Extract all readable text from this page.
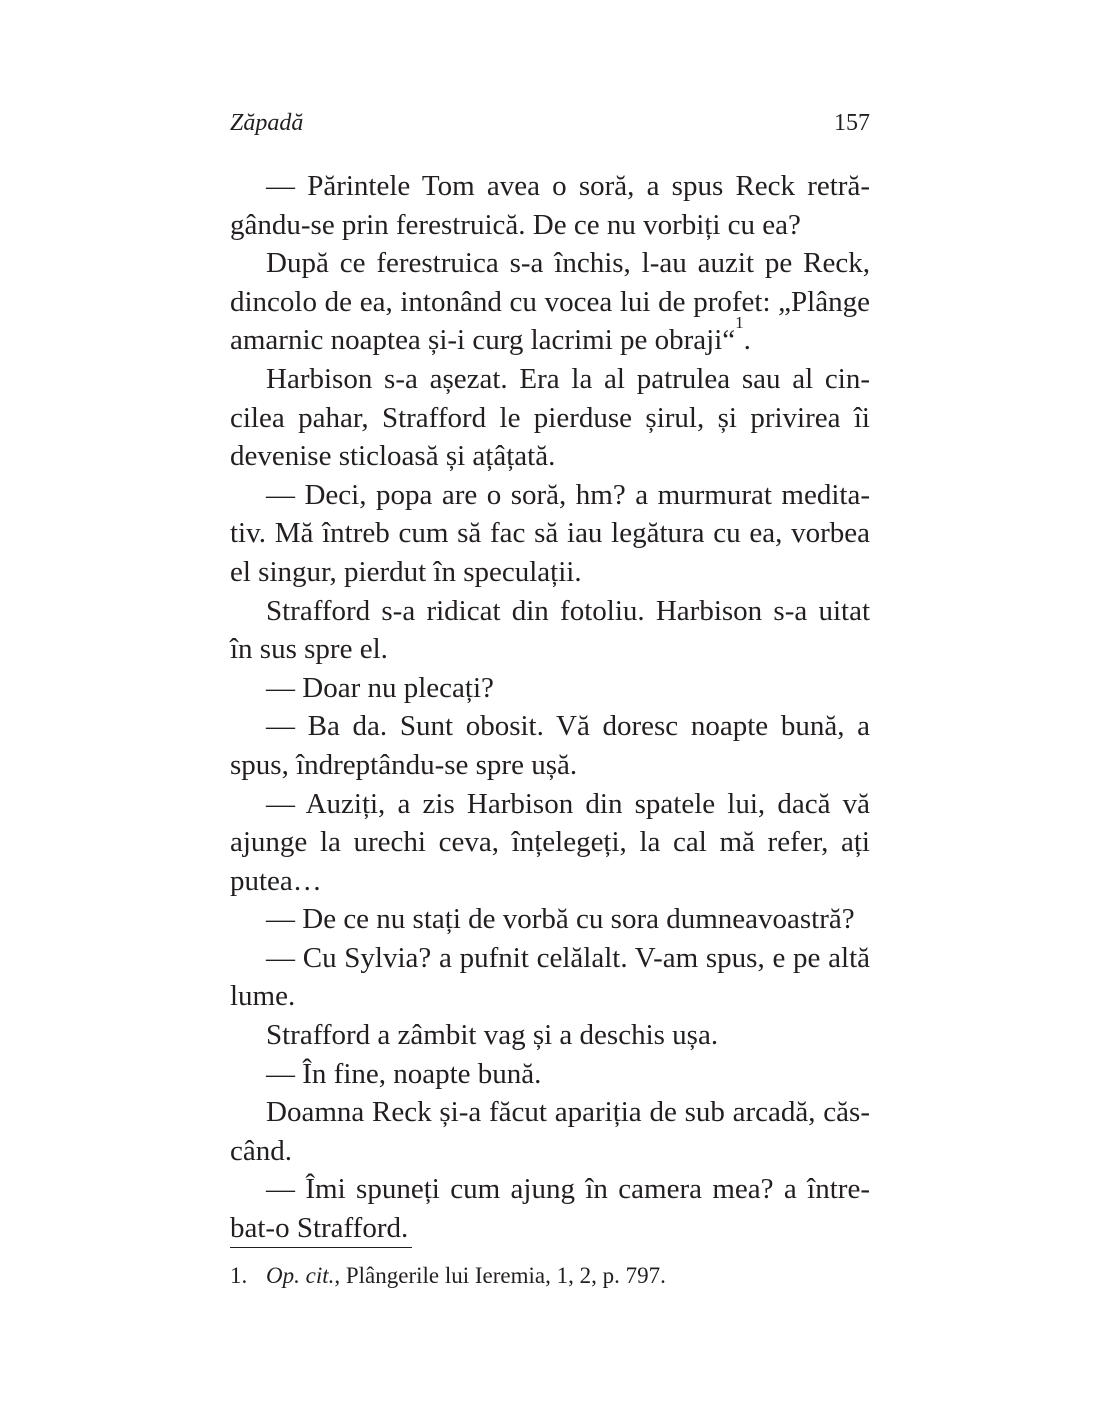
Zăpadă	157
— Părintele Tom avea o soră, a spus Reck retră-
gându-se prin ferestruică. De ce nu vorbiți cu ea?
După ce ferestruica s-a închis, l-au auzit pe Reck,
dincolo de ea, intonând cu vocea lui de profet: „Plânge
amarnic noaptea și-i curg lacrimi pe obraji“$^1$.
Harbison s-a așezat. Era la al patrulea sau al cin-
cilea pahar, Strafford le pierduse șirul, și privirea îi
devenise sticloasă și ațâțată.
— Deci, popa are o soră, hm? a murmurat medita-
tiv. Mă întreb cum să fac să iau legătura cu ea, vorbea
el singur, pierdut în speculații.
Strafford s-a ridicat din fotoliu. Harbison s-a uitat
în sus spre el.
— Doar nu plecați?
— Ba da. Sunt obosit. Vă doresc noapte bună, a
spus, îndreptându-se spre ușă.
— Auziți, a zis Harbison din spatele lui, dacă vă
ajunge la urechi ceva, înțelegeți, la cal mă refer, ați
putea…
— De ce nu stați de vorbă cu sora dumneavoastră?
— Cu Sylvia? a pufnit celălalt. V-am spus, e pe altă
lume.
Strafford a zâmbit vag și a deschis ușa.
— În fine, noapte bună.
Doamna Reck și-a făcut apariția de sub arcadă, căs-
când.
— Îmi spuneți cum ajung în camera mea? a între-
bat-o Strafford.
1. Op. cit., Plângerile lui Ieremia, 1, 2, p. 797.
